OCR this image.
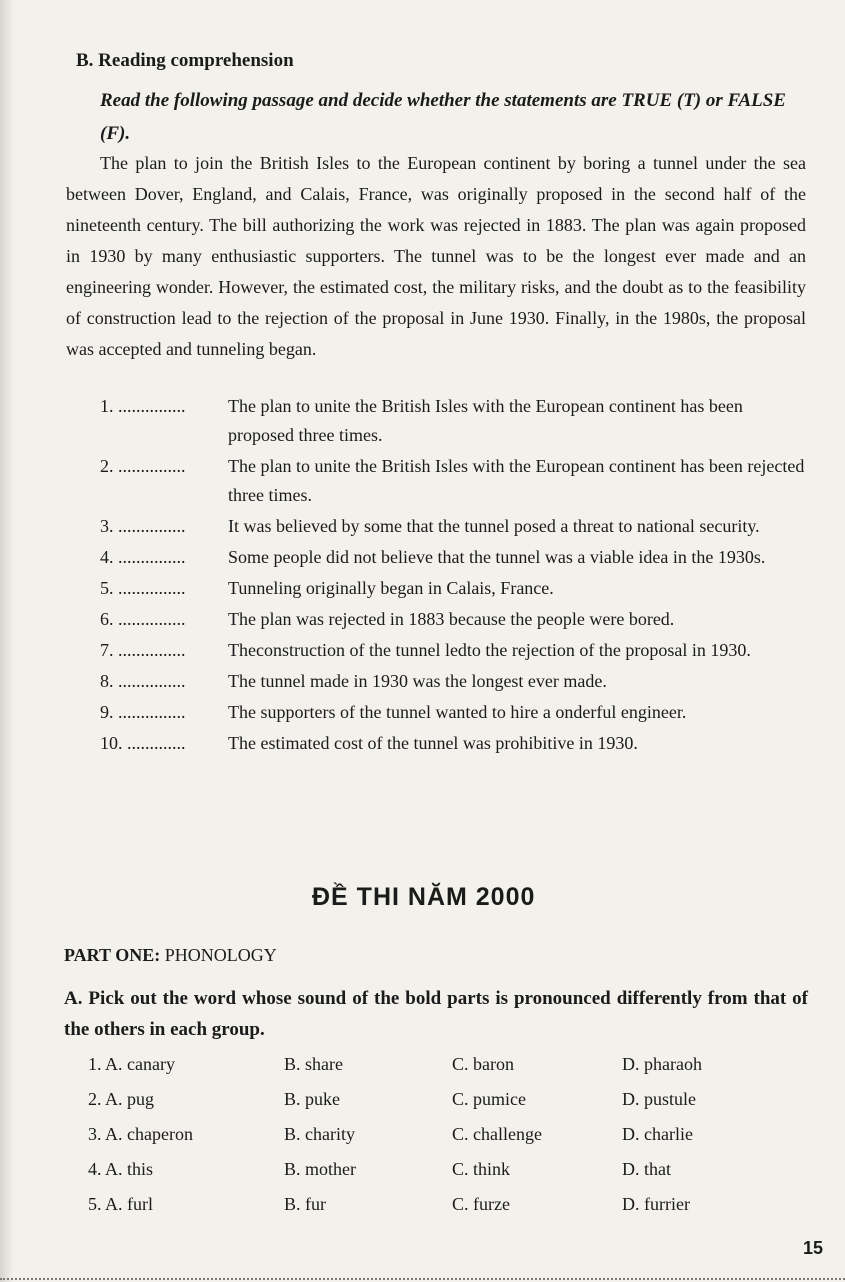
B. Reading comprehension
Read the following passage and decide whether the statements are TRUE (T) or FALSE (F).
The plan to join the British Isles to the European continent by boring a tunnel under the sea between Dover, England, and Calais, France, was originally proposed in the second half of the nineteenth century. The bill authorizing the work was rejected in 1883. The plan was again proposed in 1930 by many enthusiastic supporters. The tunnel was to be the longest ever made and an engineering wonder. However, the estimated cost, the military risks, and the doubt as to the feasibility of construction lead to the rejection of the proposal in June 1930. Finally, in the 1980s, the proposal was accepted and tunneling began.
1. ...............	The plan to unite the British Isles with the European continent has been proposed three times.
2. ...............	The plan to unite the British Isles with the European continent has been rejected three times.
3. ...............	It was believed by some that the tunnel posed a threat to national security.
4. ...............	Some people did not believe that the tunnel was a viable idea in the 1930s.
5. ...............	Tunneling originally began in Calais, France.
6. ...............	The plan was rejected in 1883 because the people were bored.
7. ...............	Theconstruction of the tunnel ledto the rejection of the proposal in 1930.
8. ...............	The tunnel made in 1930 was the longest ever made.
9. ...............	The supporters of the tunnel wanted to hire a onderful engineer.
10. .............	The estimated cost of the tunnel was prohibitive in 1930.
ĐỀ THI NĂM 2000
PART ONE: PHONOLOGY
A. Pick out the word whose sound of the bold parts is pronounced differently from that of the others in each group.
1. A. canary	B. share	C. baron	D. pharaoh
2. A. pug	B. puke	C. pumice	D. pustule
3. A. chaperon	B. charity	C. challenge	D. charlie
4. A. this	B. mother	C. think	D. that
5. A. furl	B. fur	C. furze	D. furrier
15
